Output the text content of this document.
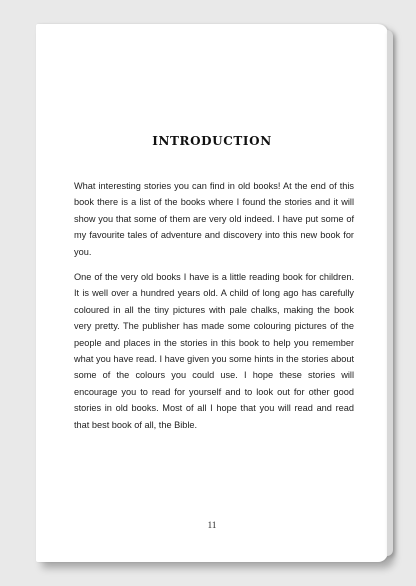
INTRODUCTION

What interesting stories you can find in old books! At the end of this book there is a list of the books where I found the stories and it will show you that some of them are very old indeed. I have put some of my favourite tales of adventure and discovery into this new book for you.

One of the very old books I have is a little reading book for children. It is well over a hundred years old. A child of long ago has carefully coloured in all the tiny pictures with pale chalks, making the book very pretty. The publisher has made some colouring pictures of the people and places in the stories in this book to help you remember what you have read. I have given you some hints in the stories about some of the colours you could use. I hope these stories will encourage you to read for yourself and to look out for other good stories in old books. Most of all I hope that you will read and read that best book of all, the Bible.

11
